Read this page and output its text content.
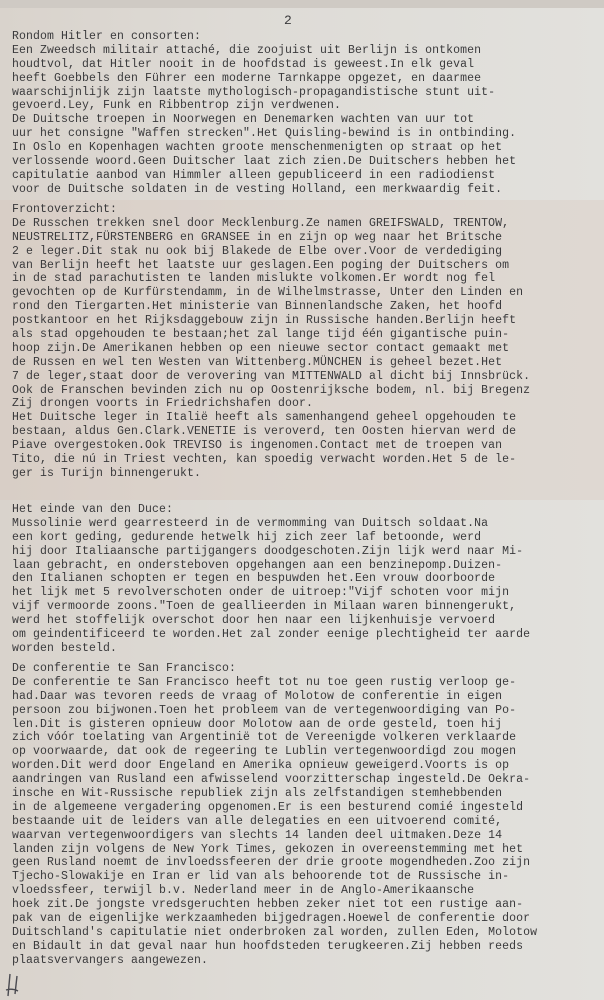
2
Rondom Hitler en consorten:
Een Zweedsch militair attaché, die zoojuist uit Berlijn is ontkomen
houdtvol, dat Hitler nooit in de hoofdstad is geweest.In elk geval
heeft Goebbels den Führer een moderne Tarnkappe opgezet, en daarmee
waarschijnlijk zijn laatste mythologisch-propagandistische stunt uit-
gevoerd.Ley, Funk en Ribbentrop zijn verdwenen.
De Duitsche troepen in Noorwegen en Denemarken wachten van uur tot
uur het consigne "Waffen strecken".Het Quisling-bewind is in ontbinding.
In Oslo en Kopenhagen wachten groote menschenmenigten op straat op het
verlossende woord.Geen Duitscher laat zich zien.De Duitschers hebben het
capitulatie aanbod van Himmler alleen gepubliceerd in een radiodienst
voor de Duitsche soldaten in de vesting Holland, een merkwaardig feit.
Frontoverzicht:
De Russchen trekken snel door Mecklenburg.Ze namen GREIFSWALD, TRENTOW,
NEUSTRELITZ,FÜRSTENBERG en GRANSEE in en zijn op weg naar het Britsche
2 e leger.Dit stak nu ook bij Blakede de Elbe over.Voor de verdediging
van Berlijn heeft het laatste uur geslagen.Een poging der Duitschers om
in de stad parachutisten te landen mislukte volkomen.Er wordt nog fel
gevochten op de Kurfürstendamm, in de Wilhelmstrasse, Unter den Linden en
rond den Tiergarten.Het ministerie van Binnenlandsche Zaken, het hoofd
postkantoor en het Rijksdaggebouw zijn in Russische handen.Berlijn heeft
als stad opgehouden te bestaan;het zal lange tijd één gigantische puin-
hoop zijn.De Amerikanen hebben op een nieuwe sector contact gemaakt met
de Russen en wel ten Westen van Wittenberg.MÜNCHEN is geheel bezet.Het
7 de leger,staat door de verovering van MITTENWALD al dicht bij Innsbrück.
Ook de Franschen bevinden zich nu op Oostenrijksche bodem, nl. bij Bregenz
Zij drongen voorts in Friedrichshafen door.
Het Duitsche leger in Italië heeft als samenhangend geheel opgehouden te
bestaan, aldus Gen.Clark.VENETIE is veroverd, ten Oosten hiervan werd de
Piave overgestoken.Ook TREVISO is ingenomen.Contact met de troepen van
Tito, die nú in Triest vechten, kan spoedig verwacht worden.Het 5 de le-
ger is Turijn binnengerukt.
Het einde van den Duce:
Mussolinie werd gearresteerd in de vermomming van Duitsch soldaat.Na
een kort geding, gedurende hetwelk hij zich zeer laf betoonde, werd
hij door Italiaansche partijgangers doodgeschoten.Zijn lijk werd naar Mi-
laan gebracht, en ondersteboven opgehangen aan een benzinepomp.Duizen-
den Italianen schopten er tegen en bespuwden het.Een vrouw doorboorde
het lijk met 5 revolverschoten onder de uitroep:"Vijf schoten voor mijn
vijf vermoorde zoons."Toen de geallieerden in Milaan waren binnengerukt,
werd het stoffelijk overschot door hen naar een lijkenhuisje vervoerd
om geindentificeerd te worden.Het zal zonder eenige plechtigheid ter aarde
worden besteld.
De conferentie te San Francisco:
De conferentie te San Francisco heeft tot nu toe geen rustig verloop ge-
had.Daar was tevoren reeds de vraag of Molotow de conferentie in eigen
persoon zou bijwonen.Toen het probleem van de vertegenwoordiging van Po-
len.Dit is gisteren opnieuw door Molotow aan de orde gesteld, toen hij
zich vóór toelating van Argentinië tot de Vereenigde volkeren verklaarde
op voorwaarde, dat ook de regeering te Lublin vertegenwoordigd zou mogen
worden.Dit werd door Engeland en Amerika opnieuw geweigerd.Voorts is op
aandringen van Rusland een afwisselend voorzitterschap ingesteld.De Oekra-
insche en Wit-Russische republiek zijn als zelfstandigen stemhebbenden
in de algemeene vergadering opgenomen.Er is een besturend comié ingesteld
bestaande uit de leiders van alle delegaties en een uitvoerend comité,
waarvan vertegenwoordigers van slechts 14 landen deel uitmaken.Deze 14
landen zijn volgens de New York Times, gekozen in overeenstemming met het
geen Rusland noemt de invloedssfeeren der drie groote mogendheden.Zoo zijn
Tjecho-Slowakije en Iran er lid van als behoorende tot de Russische in-
vloedssfeer, terwijl b.v. Nederland meer in de Anglo-Amerikaansche
hoek zit.De jongste vredsgeruchten hebben zeker niet tot een rustige aan-
pak van de eigenlijke werkzaamheden bijgedragen.Hoewel de conferentie door
Duitschland's capitulatie niet onderbroken zal worden, zullen Eden, Molotow
en Bidault in dat geval naar hun hoofdsteden terugkeeren.Zij hebben reeds
plaatsvervangers aangewezen.
